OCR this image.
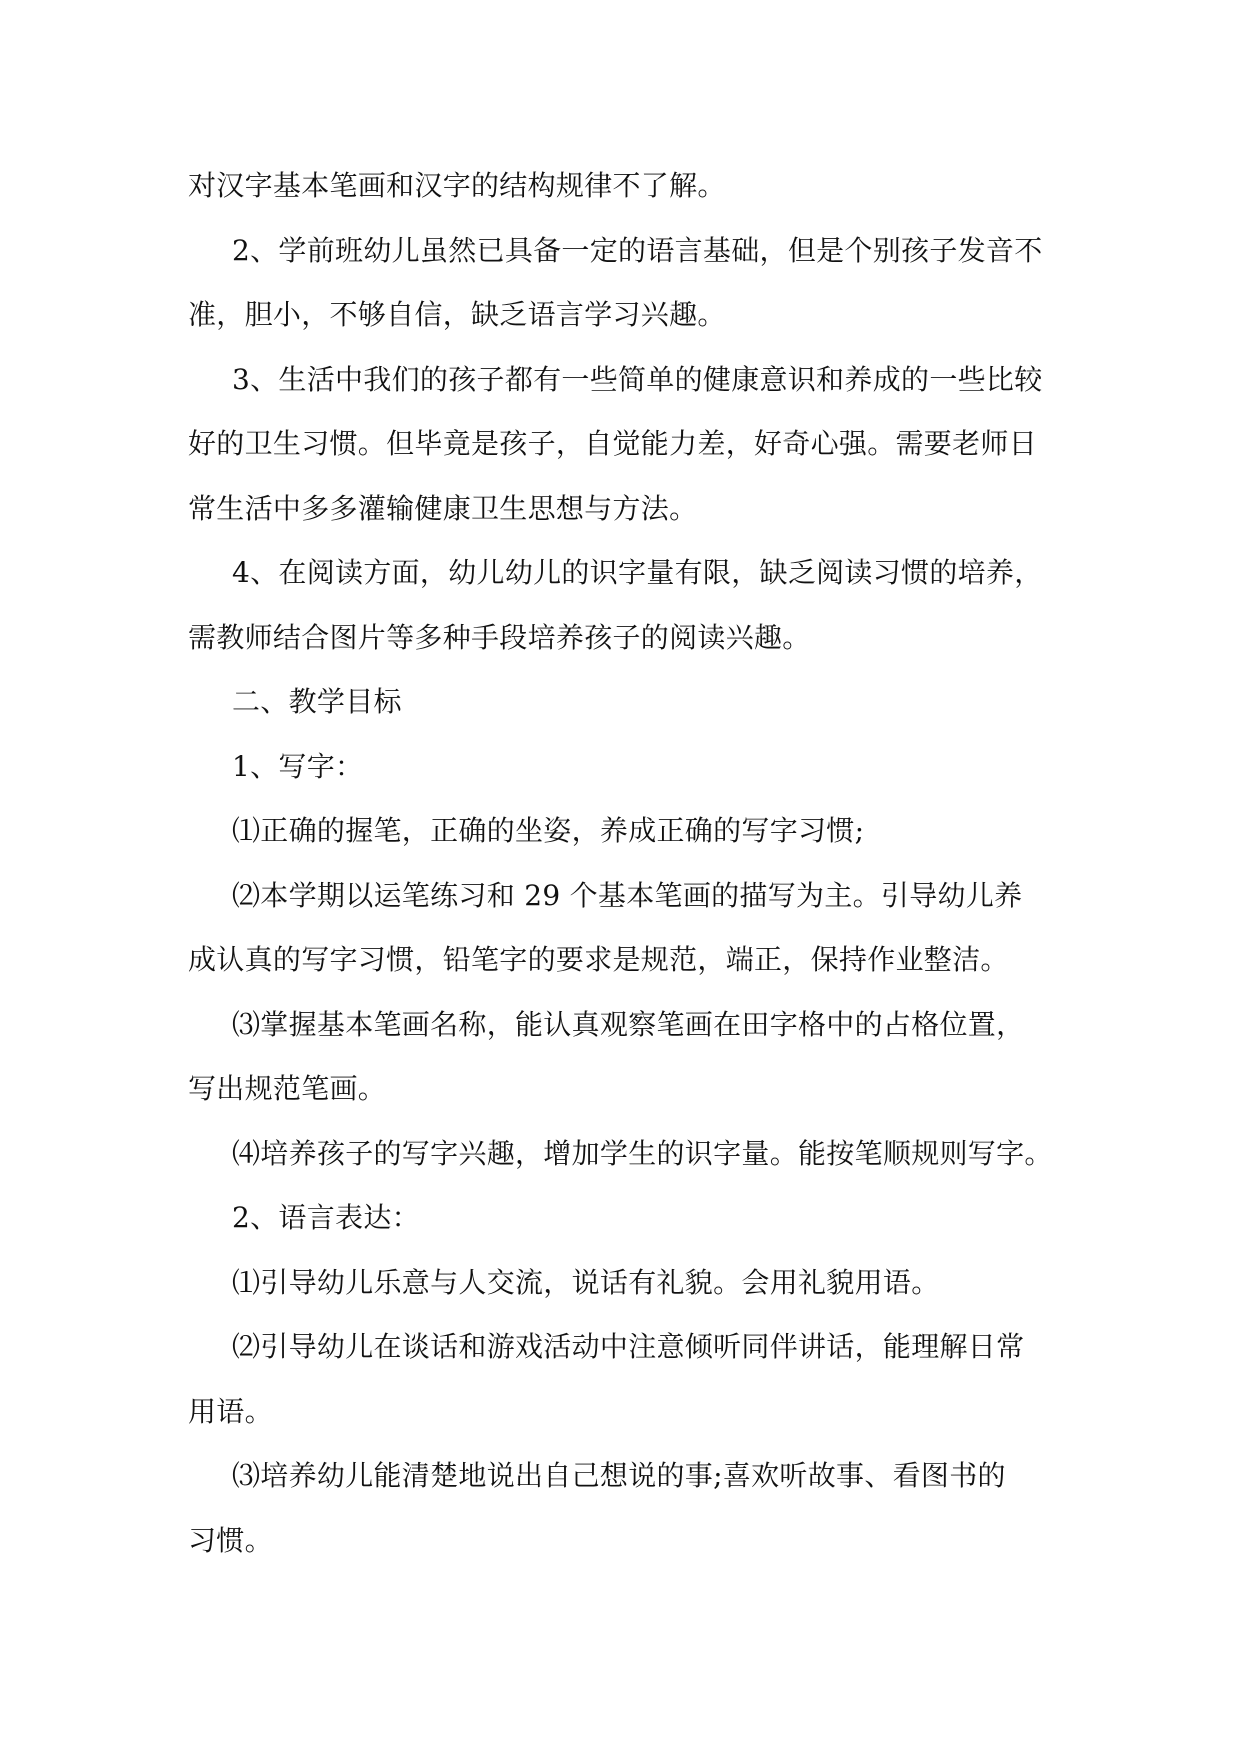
对汉字基本笔画和汉字的结构规律不了解。
2、学前班幼儿虽然已具备一定的语言基础，但是个别孩子发音不
准，胆小，不够自信，缺乏语言学习兴趣。
3、生活中我们的孩子都有一些简单的健康意识和养成的一些比较
好的卫生习惯。但毕竟是孩子，自觉能力差，好奇心强。需要老师日
常生活中多多灌输健康卫生思想与方法。
4、在阅读方面，幼儿幼儿的识字量有限，缺乏阅读习惯的培养，
需教师结合图片等多种手段培养孩子的阅读兴趣。
二、教学目标
1、写字：
⑴正确的握笔，正确的坐姿，养成正确的写字习惯;
⑵本学期以运笔练习和 29 个基本笔画的描写为主。引导幼儿养
成认真的写字习惯，铅笔字的要求是规范，端正，保持作业整洁。
⑶掌握基本笔画名称，能认真观察笔画在田字格中的占格位置，
写出规范笔画。
⑷培养孩子的写字兴趣，增加学生的识字量。能按笔顺规则写字。
2、语言表达：
⑴引导幼儿乐意与人交流，说话有礼貌。会用礼貌用语。
⑵引导幼儿在谈话和游戏活动中注意倾听同伴讲话，能理解日常
用语。
⑶培养幼儿能清楚地说出自己想说的事;喜欢听故事、看图书的
习惯。
